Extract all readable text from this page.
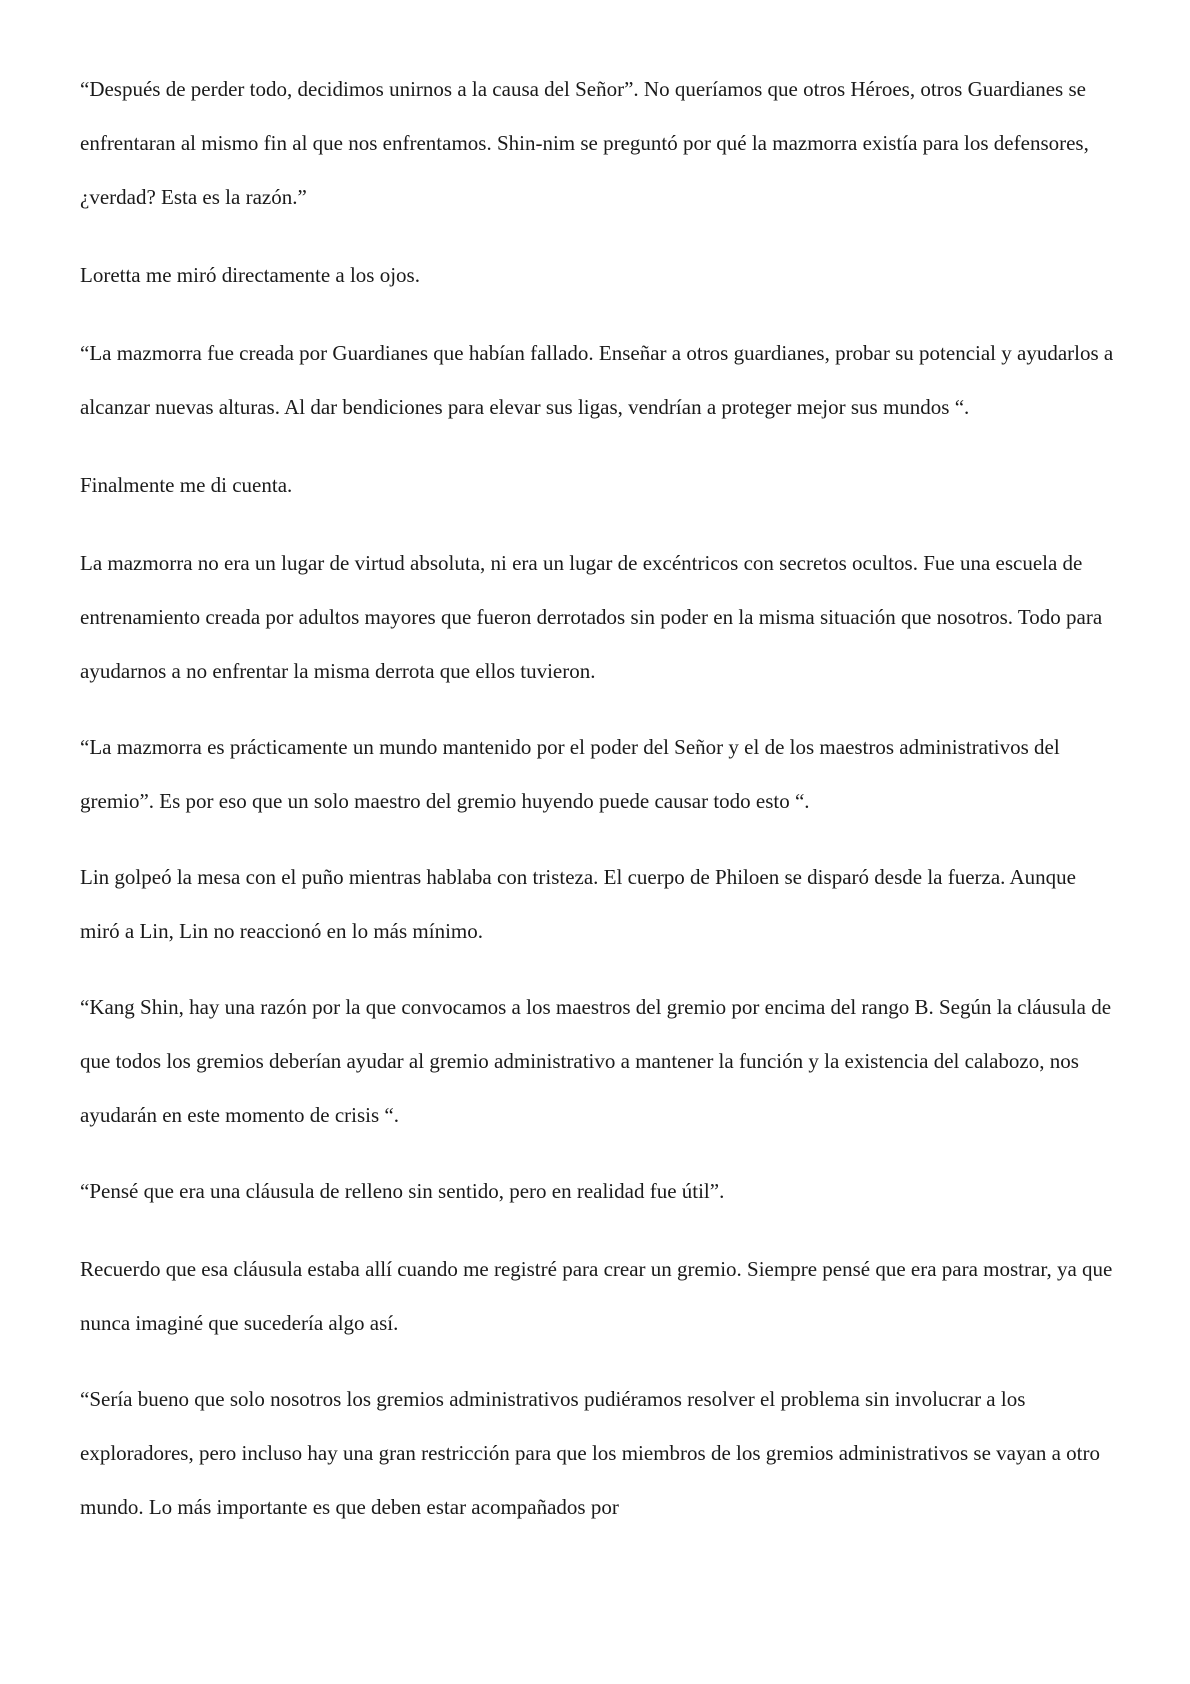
“Después de perder todo, decidimos unirnos a la causa del Señor”. No queríamos que otros Héroes, otros Guardianes se enfrentaran al mismo fin al que nos enfrentamos. Shin-nim se preguntó por qué la mazmorra existía para los defensores, ¿verdad? Esta es la razón.”

Loretta me miró directamente a los ojos.

“La mazmorra fue creada por Guardianes que habían fallado. Enseñar a otros guardianes, probar su potencial y ayudarlos a alcanzar nuevas alturas. Al dar bendiciones para elevar sus ligas, vendrían a proteger mejor sus mundos “.

Finalmente me di cuenta.

La mazmorra no era un lugar de virtud absoluta, ni era un lugar de excéntricos con secretos ocultos. Fue una escuela de entrenamiento creada por adultos mayores que fueron derrotados sin poder en la misma situación que nosotros. Todo para ayudarnos a no enfrentar la misma derrota que ellos tuvieron.

“La mazmorra es prácticamente un mundo mantenido por el poder del Señor y el de los maestros administrativos del gremio”. Es por eso que un solo maestro del gremio huyendo puede causar todo esto “.

Lin golpeó la mesa con el puño mientras hablaba con tristeza. El cuerpo de Philoen se disparó desde la fuerza. Aunque miró a Lin, Lin no reaccionó en lo más mínimo.

“Kang Shin, hay una razón por la que convocamos a los maestros del gremio por encima del rango B. Según la cláusula de que todos los gremios deberían ayudar al gremio administrativo a mantener la función y la existencia del calabozo, nos ayudarán en este momento de crisis “.

“Pensé que era una cláusula de relleno sin sentido, pero en realidad fue útil”.

Recuerdo que esa cláusula estaba allí cuando me registré para crear un gremio. Siempre pensé que era para mostrar, ya que nunca imaginé que sucedería algo así.

“Sería bueno que solo nosotros los gremios administrativos pudiéramos resolver el problema sin involucrar a los exploradores, pero incluso hay una gran restricción para que los miembros de los gremios administrativos se vayan a otro mundo. Lo más importante es que deben estar acompañados por
